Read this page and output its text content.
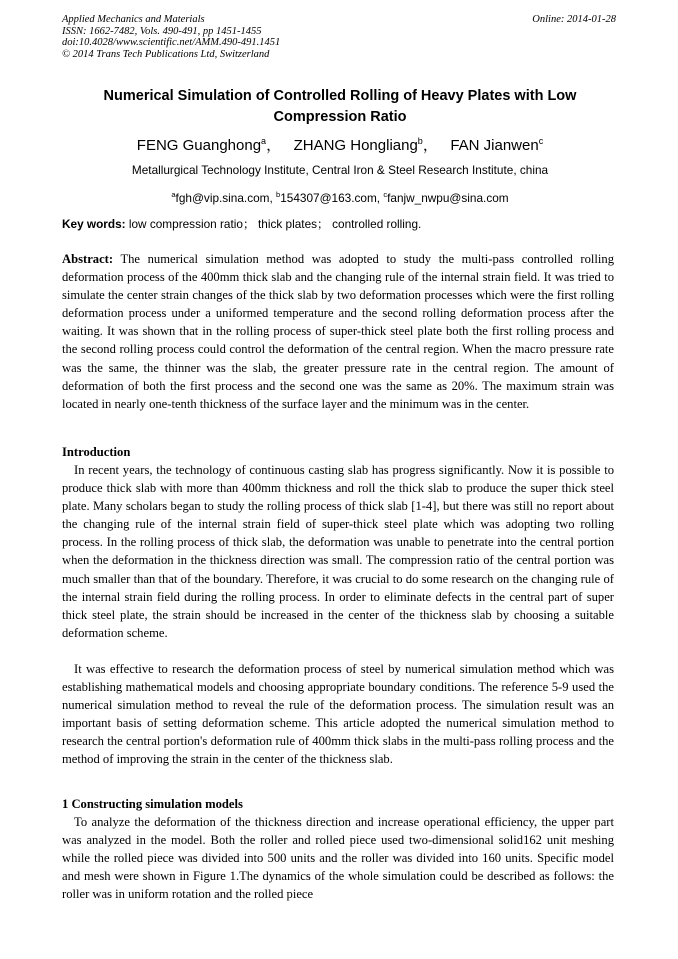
Applied Mechanics and Materials
ISSN: 1662-7482, Vols. 490-491, pp 1451-1455
doi:10.4028/www.scientific.net/AMM.490-491.1451
© 2014 Trans Tech Publications Ltd, Switzerland
Online: 2014-01-28
Numerical Simulation of Controlled Rolling of Heavy Plates with Low Compression Ratio
FENG Guanghong$^a$，   ZHANG Hongliang$^b$，   FAN Jianwen$^c$
Metallurgical Technology Institute, Central Iron & Steel Research Institute, china
$^a$fgh@vip.sina.com, $^b$154307@163.com, $^c$fanjw_nwpu@sina.com
Key words: low compression ratio； thick plates； controlled rolling.
Abstract: The numerical simulation method was adopted to study the multi-pass controlled rolling deformation process of the 400mm thick slab and the changing rule of the internal strain field. It was tried to simulate the center strain changes of the thick slab by two deformation processes which were the first rolling deformation process under a uniformed temperature and the second rolling deformation process after the waiting. It was shown that in the rolling process of super-thick steel plate both the first rolling process and the second rolling process could control the deformation of the central region. When the macro pressure rate was the same, the thinner was the slab, the greater pressure rate in the central region. The amount of deformation of both the first process and the second one was the same as 20%. The maximum strain was located in nearly one-tenth thickness of the surface layer and the minimum was in the center.
Introduction
In recent years, the technology of continuous casting slab has progress significantly. Now it is possible to produce thick slab with more than 400mm thickness and roll the thick slab to produce the super thick steel plate. Many scholars began to study the rolling process of thick slab [1-4], but there was still no report about the changing rule of the internal strain field of super-thick steel plate which was adopting two rolling process. In the rolling process of thick slab, the deformation was unable to penetrate into the central portion when the deformation in the thickness direction was small. The compression ratio of the central portion was much smaller than that of the boundary. Therefore, it was crucial to do some research on the changing rule of the internal strain field during the rolling process. In order to eliminate defects in the central part of super thick steel plate, the strain should be increased in the center of the thickness slab by choosing a suitable deformation scheme.
It was effective to research the deformation process of steel by numerical simulation method which was establishing mathematical models and choosing appropriate boundary conditions. The reference 5-9 used the numerical simulation method to reveal the rule of the deformation process. The simulation result was an important basis of setting deformation scheme. This article adopted the numerical simulation method to research the central portion's deformation rule of 400mm thick slabs in the multi-pass rolling process and the method of improving the strain in the center of the thickness slab.
1 Constructing simulation models
To analyze the deformation of the thickness direction and increase operational efficiency, the upper part was analyzed in the model. Both the roller and rolled piece used two-dimensional solid162 unit meshing while the rolled piece was divided into 500 units and the roller was divided into 160 units. Specific model and mesh were shown in Figure 1.The dynamics of the whole simulation could be described as follows: the roller was in uniform rotation and the rolled piece
